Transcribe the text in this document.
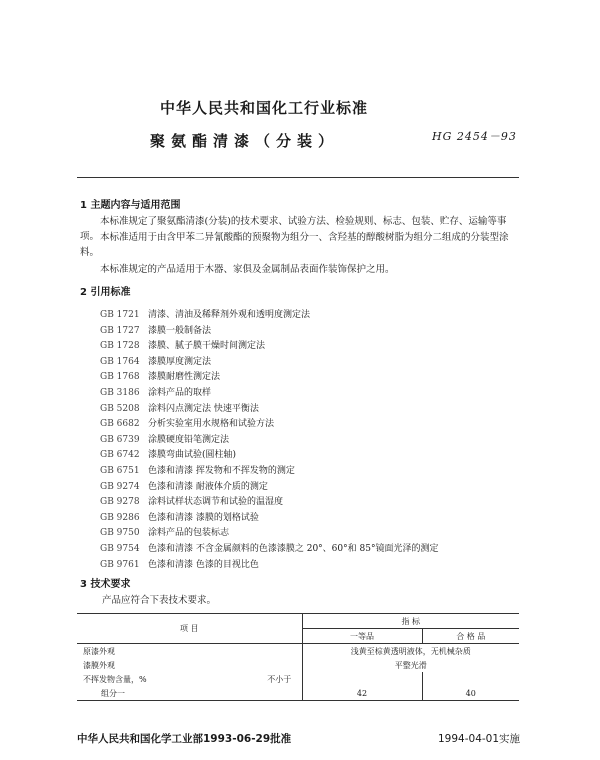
中华人民共和国化工行业标准
HG 2454－93
聚氨酯清漆（分装）
1 主题内容与适用范围
本标准规定了聚氨酯清漆(分装)的技术要求、试验方法、检验规则、标志、包装、贮存、运输等事项。 本标准适用于由含甲苯二异氰酸酯的预聚物为组分一、含羟基的醇酸树脂为组分二组成的分装型涂料。
本标准规定的产品适用于木器、家俱及金属制品表面作装饰保护之用。
2 引用标准
GB 1721 清漆、清油及稀释剂外观和透明度测定法
GB 1727 漆膜一般制备法
GB 1728 漆膜、腻子膜干燥时间测定法
GB 1764 漆膜厚度测定法
GB 1768 漆膜耐磨性测定法
GB 3186 涂料产品的取样
GB 5208 涂料闪点测定法 快速平衡法
GB 6682 分析实验室用水规格和试验方法
GB 6739 涂膜硬度铅笔测定法
GB 6742 漆膜弯曲试验(圆柱轴)
GB 6751 色漆和清漆 挥发物和不挥发物的测定
GB 9274 色漆和清漆 耐液体介质的测定
GB 9278 涂料试样状态调节和试验的温湿度
GB 9286 色漆和清漆 漆膜的划格试验
GB 9750 涂料产品的包装标志
GB 9754 色漆和清漆 不含金属颜料的色漆漆膜之 20°、60°和 85°镜面光泽的测定
GB 9761 色漆和清漆 色漆的目视比色
3 技术要求
产品应符合下表技术要求。
项 目		指 标	
		一等品	合 格 品
原漆外观		浅黄至棕黄透明液体，无机械杂质	
漆膜外观		平整光滑	
不挥发物含量，%	不小于		
组分一		42	40
中华人民共和国化学工业部1993-06-29批准	1994-04-01实施
